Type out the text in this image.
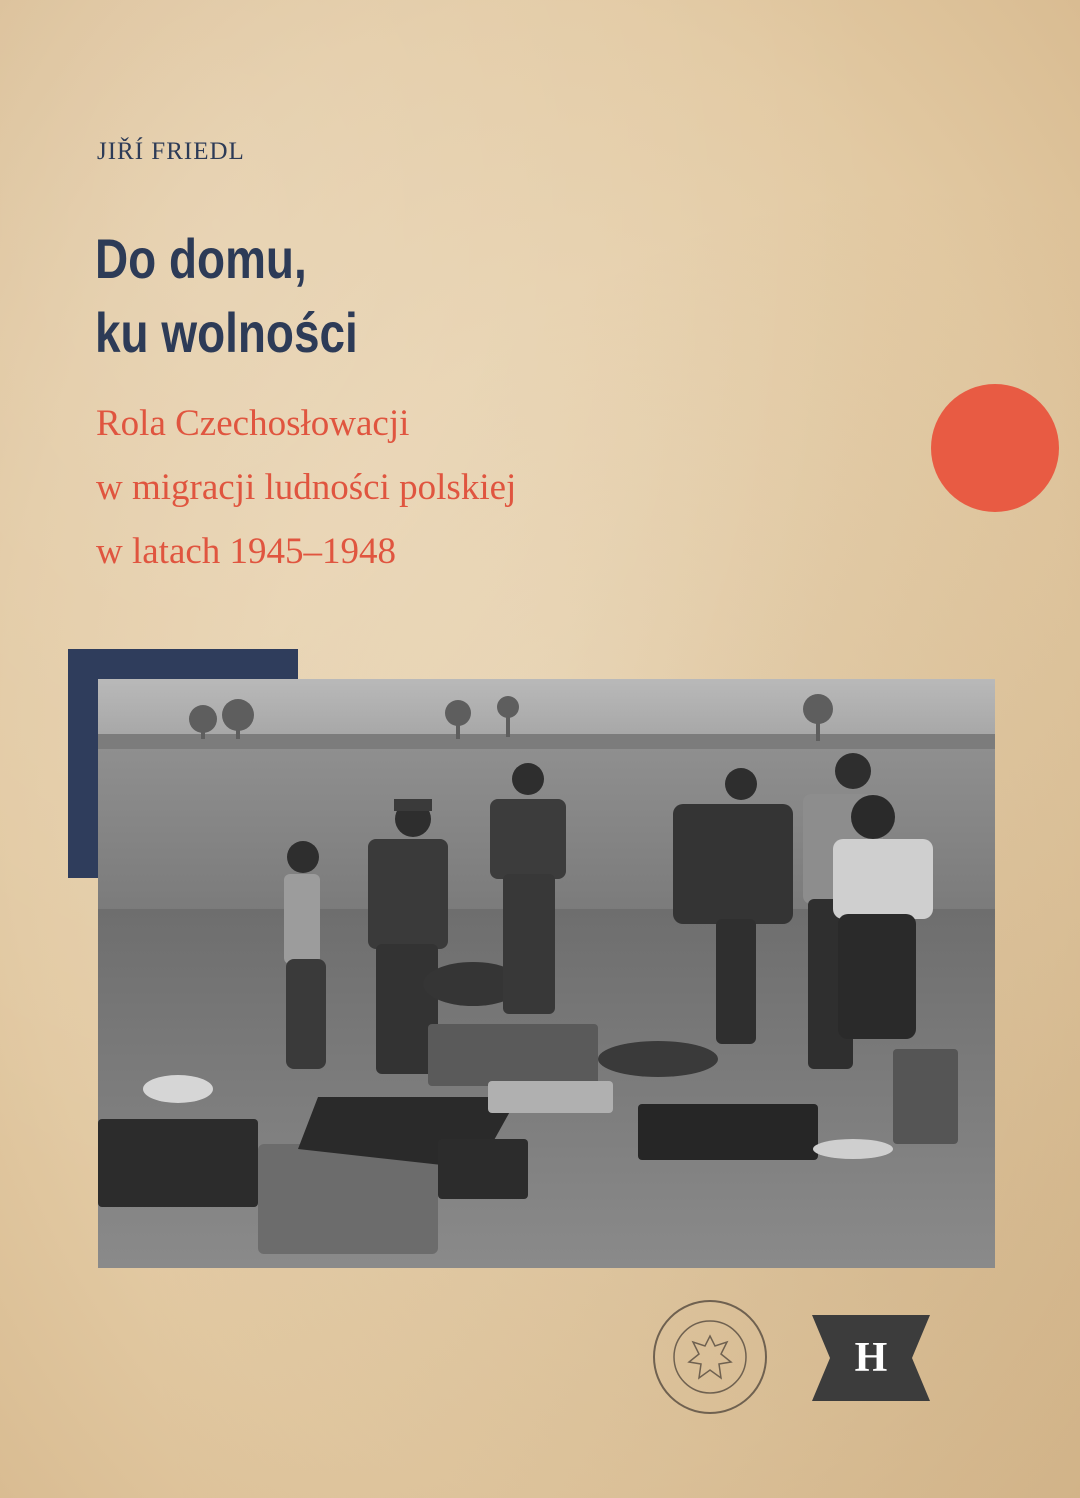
JIŘÍ FRIEDL
Do domu,
ku wolności
Rola Czechosłowacji
w migracji ludności polskiej
w latach 1945–1948
H
